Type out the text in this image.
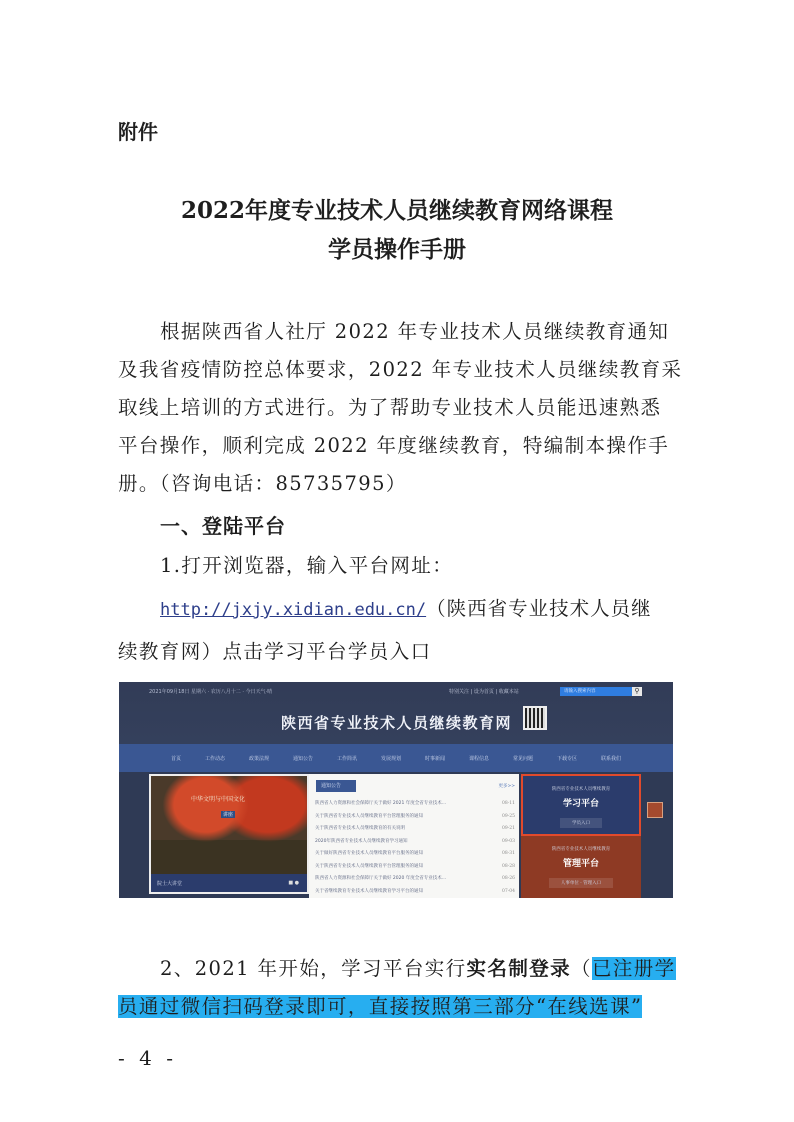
附件
2022年度专业技术人员继续教育网络课程
学员操作手册
根据陕西省人社厅 2022 年专业技术人员继续教育通知
及我省疫情防控总体要求，2022 年专业技术人员继续教育采
取线上培训的方式进行。为了帮助专业技术人员能迅速熟悉
平台操作，顺利完成 2022 年度继续教育，特编制本操作手
册。（咨询电话：85735795）
一、登陆平台
1.打开浏览器，输入平台网址：
http://jxjy.xidian.edu.cn/（陕西省专业技术人员继
续教育网）点击学习平台学员入口
2021年09月18日 星期六 · 农历八月十二 · 今日天气·晴	特别关注 | 设为首页 | 收藏本站	请输入搜索内容	⚲
陕西省专业技术人员继续教育网
首页	工作动态	政策法规	通知公告	工作简讯	发展规划	时事新闻	课程信息	常见问题	下载专区	联系我们
中华文明与中国文化
讲座
院士大讲堂	■ ●
通知公告	更多>>
陕西省人力资源和社会保障厅关于做好 2021 年度全省专业技术...	08-11
关于陕西省专业技术人员继续教育平台管理服务的通知	09-25
关于陕西省专业技术人员继续教育的有关说明	09-21
2020年陕西省专业技术人员继续教育学习通知	09-03
关于做好陕西省专业技术人员继续教育平台服务的通知	08-31
关于陕西省专业技术人员继续教育平台管理服务的通知	08-28
陕西省人力资源和社会保障厅关于做好 2020 年度全省专业技术...	08-26
关于省继续教育专业技术人员继续教育学习平台的通知	07-04
陕西省专业技术人员继续教育
学习平台
学员入口
陕西省专业技术人员继续教育
管理平台
人事单位 · 管理入口
2、2021 年开始，学习平台实行实名制登录（已注册学
员通过微信扫码登录即可，直接按照第三部分“在线选课”
- 4 -
